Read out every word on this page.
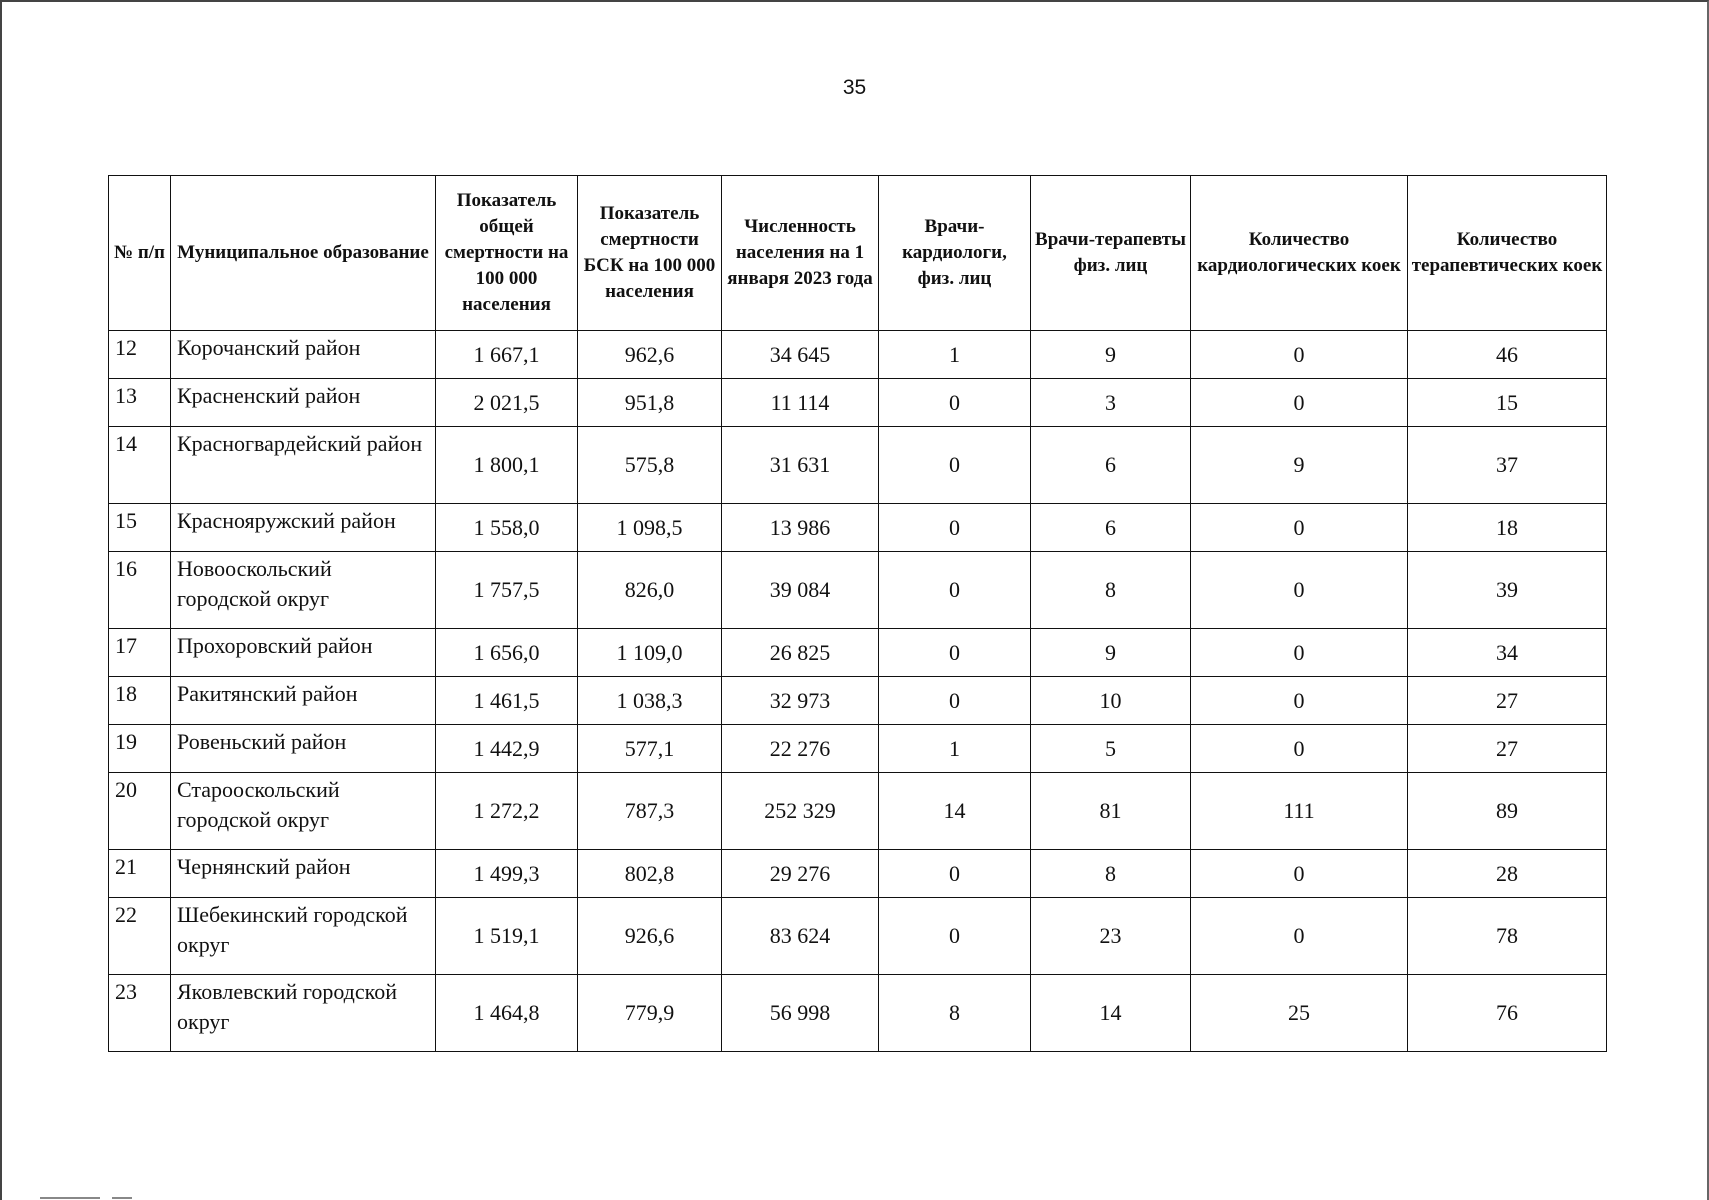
35
№ п/п	Муниципальное образование	Показатель общей смертности на 100 000 населения	Показатель смертности БСК на 100 000 населения	Численность населения на 1 января 2023 года	Врачи-кардиологи, физ. лиц	Врачи-терапевты физ. лиц	Количество кардиологических коек	Количество терапевтических коек
12	Корочанский район	1 667,1	962,6	34 645	1	9	0	46
13	Красненский район	2 021,5	951,8	11 114	0	3	0	15
14	Красногвардейский район	1 800,1	575,8	31 631	0	6	9	37
15	Краснояружский район	1 558,0	1 098,5	13 986	0	6	0	18
16	Новооскольский городской округ	1 757,5	826,0	39 084	0	8	0	39
17	Прохоровский район	1 656,0	1 109,0	26 825	0	9	0	34
18	Ракитянский район	1 461,5	1 038,3	32 973	0	10	0	27
19	Ровеньский район	1 442,9	577,1	22 276	1	5	0	27
20	Старооскольский городской округ	1 272,2	787,3	252 329	14	81	111	89
21	Чернянский район	1 499,3	802,8	29 276	0	8	0	28
22	Шебекинский городской округ	1 519,1	926,6	83 624	0	23	0	78
23	Яковлевский городской округ	1 464,8	779,9	56 998	8	14	25	76
